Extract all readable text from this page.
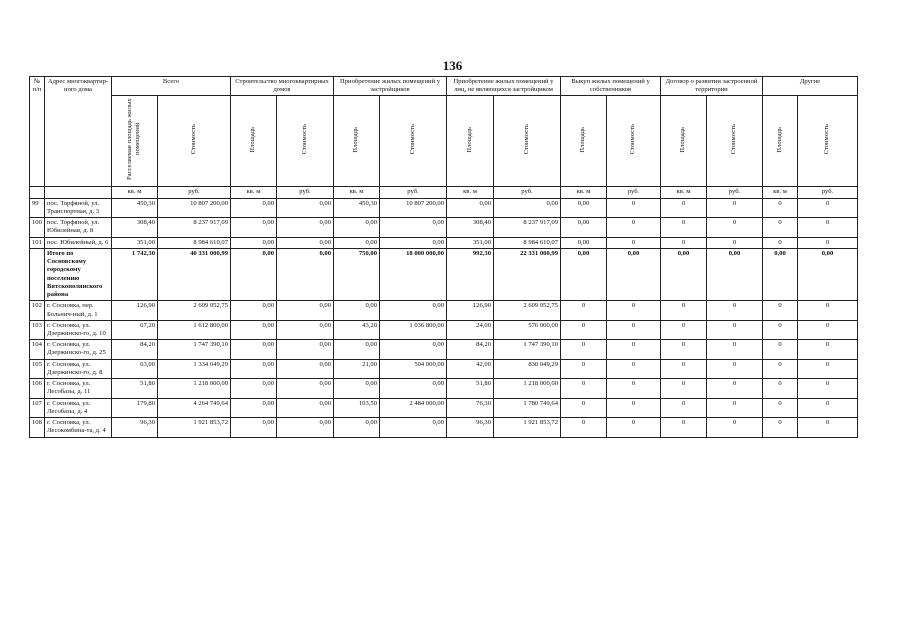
136
№ п/п	Адрес многоквартир-ного дома	Всего		Строительство многоквартирных домов		Приобретение жилых помещений у застройщиков		Приобретение жилых помещений у лиц, не являющихся застройщиком		Выкуп жилых помещений у собственников		Договор о развитии застроенной территории		Другие	
		Расселяемая площадь жилых помещений	Стоимость	Площадь	Стоимость	Площадь	Стоимость	Площадь	Стоимость	Площадь	Стоимость	Площадь	Стоимость	Площадь	Стоимость
		кв. м	руб.	кв. м	руб.	кв. м	руб.	кв. м	руб.	кв. м	руб.	кв. м	руб.	кв. м	руб.
99	пос. Торфяной, ул. Транспортная, д. 3	450,30	10 807 200,00	0,00	0,00	450,30	10 807 200,00	0,00	0,00	0,00	0	0	0	0	0
100	пос. Торфяной, ул. Юбилейная, д. 8	308,40	8 237 917,09	0,00	0,00	0,00	0,00	308,40	8 237 917,09	0,00	0	0	0	0	0
101	пос. Юбилейный, д. 6	351,00	8 984 610,07	0,00	0,00	0,00	0,00	351,00	8 984 610,07	0,00	0	0	0	0	0
	Итого по Сосновскому городскому поселению Вятскополянского района	1 742,30	40 331 000,99	0,00	0,00	750,00	18 000 000,00	992,30	22 331 000,99	0,00	0,00	0,00	0,00	0,00	0,00
102	г. Сосновка, пер. Больнич-ный, д. 1	126,90	2 609 052,75	0,00	0,00	0,00	0,00	126,90	2 609 052,75	0	0	0	0	0	0
103	г. Сосновка, ул. Дзержинско-го, д. 10	67,20	1 612 800,00	0,00	0,00	43,20	1 036 800,00	24,00	576 000,00	0	0	0	0	0	0
104	г. Сосновка, ул. Дзержинско-го, д. 25	84,20	1 747 390,10	0,00	0,00	0,00	0,00	84,20	1 747 390,10	0	0	0	0	0	0
105	г. Сосновка, ул. Дзержинско-го, д. 8	63,00	1 334 049,29	0,00	0,00	21,00	504 000,00	42,00	830 049,29	0	0	0	0	0	0
106	г. Сосновка, ул. Лесобазы, д. 11	51,80	1 218 000,00	0,00	0,00	0,00	0,00	51,80	1 218 000,00	0	0	0	0	0	0
107	г. Сосновка, ул. Лесобазы, д. 4	179,80	4 264 749,64	0,00	0,00	103,50	2 484 000,00	76,30	1 780 749,64	0	0	0	0	0	0
108	г. Сосновка, ул. Лесокомбина-та, д. 4	96,30	1 921 853,72	0,00	0,00	0,00	0,00	96,30	1 921 853,72	0	0	0	0	0	0
